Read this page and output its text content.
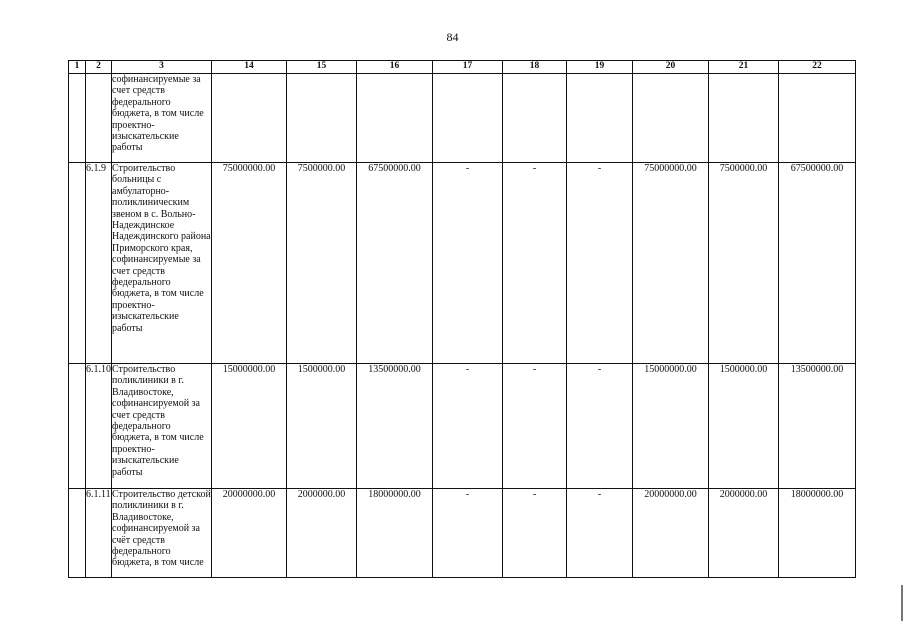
84
1	2	3	14	15	16	17	18	19	20	21	22
		софинансируемые за счет средств федерального бюджета, в том числе проектно-изыскательские работы									
	6.1.9	Строительство больницы с амбулаторно-поликлиническим звеном в с. Вольно-Надеждинское Надеждинского района Приморского края, софинансируемые за счет средств федерального бюджета, в том числе проектно-изыскательские работы	75000000.00	7500000.00	67500000.00	-	-	-	75000000.00	7500000.00	67500000.00
	6.1.10	Строительство поликлиники в г. Владивостоке, софинансируемой за счет средств федерального бюджета, в том числе проектно-изыскательские работы	15000000.00	1500000.00	13500000.00	-	-	-	15000000.00	1500000.00	13500000.00
	6.1.11	Строительство детской поликлиники в г. Владивостоке, софинансируемой за счёт средств федерального бюджета, в том числе	20000000.00	2000000.00	18000000.00	-	-	-	20000000.00	2000000.00	18000000.00
